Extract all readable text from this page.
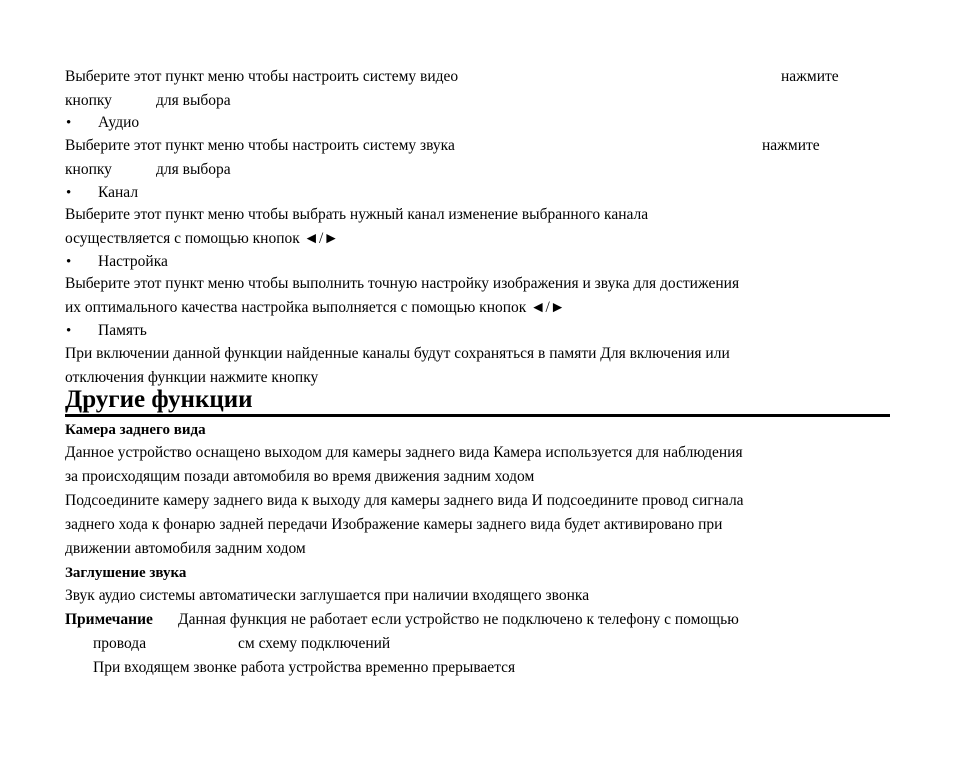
Выберите этот пункт меню чтобы настроить систему видео	нажмите
кнопку	для выбора
• Аудио
Выберите этот пункт меню чтобы настроить систему звука	нажмите
кнопку	для выбора
• Канал
Выберите этот пункт меню чтобы выбрать нужный канал изменение выбранного канала
осуществляется с помощью кнопок ◄/►
• Настройка
Выберите этот пункт меню чтобы выполнить точную настройку изображения и звука для достижения
их оптимального качества настройка выполняется с помощью кнопок ◄/►
• Память
При включении данной функции найденные каналы будут сохраняться в памяти Для включения или
отключения функции нажмите кнопку
Другие функции
Камера заднего вида
Данное устройство оснащено выходом для камеры заднего вида Камера используется для наблюдения
за происходящим позади автомобиля во время движения задним ходом
Подсоедините камеру заднего вида к выходу для камеры заднего вида И подсоедините провод сигнала
заднего хода к фонарю задней передачи Изображение камеры заднего вида будет активировано при
движении автомобиля задним ходом
Заглушение звука
Звук аудио системы автоматически заглушается при наличии входящего звонка
Примечание Данная функция не работает если устройство не подключено к телефону с помощью
провода	см схему подключений
При входящем звонке работа устройства временно прерывается
